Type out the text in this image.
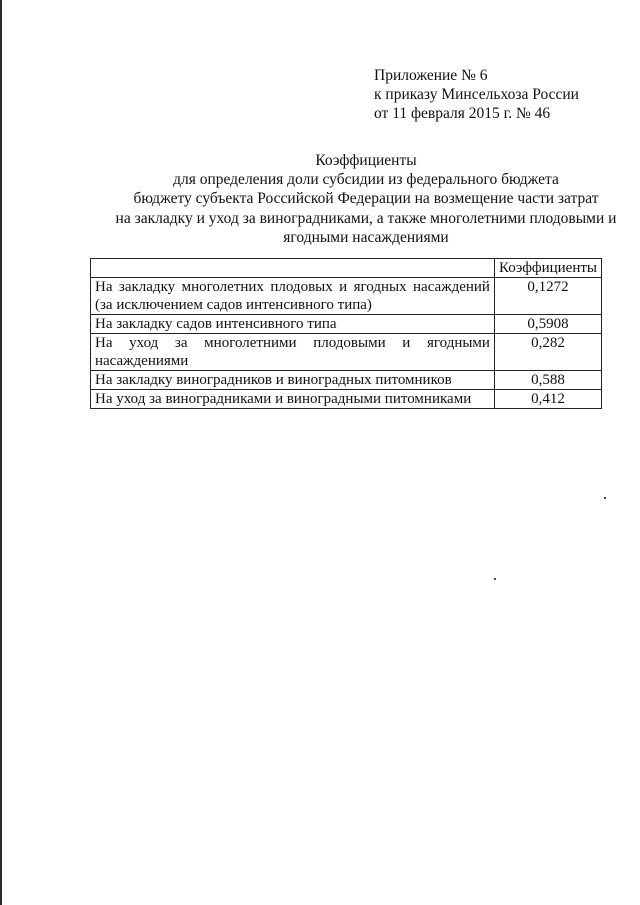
Приложение № 6
к приказу Минсельхоза России
от 11 февраля 2015 г. № 46
Коэффициенты
для определения доли субсидии из федерального бюджета
бюджету субъекта Российской Федерации на возмещение части затрат
на закладку и уход за виноградниками, а также многолетними плодовыми и
ягодными насаждениями
	Коэффициенты
На закладку многолетних плодовых и ягодных насаждений (за исключением садов интенсивного типа)	0,1272
На закладку садов интенсивного типа	0,5908
На уход за многолетними плодовыми и ягодными насаждениями	0,282
На закладку виноградников и виноградных питомников	0,588
На уход за виноградниками и виноградными питомниками	0,412
